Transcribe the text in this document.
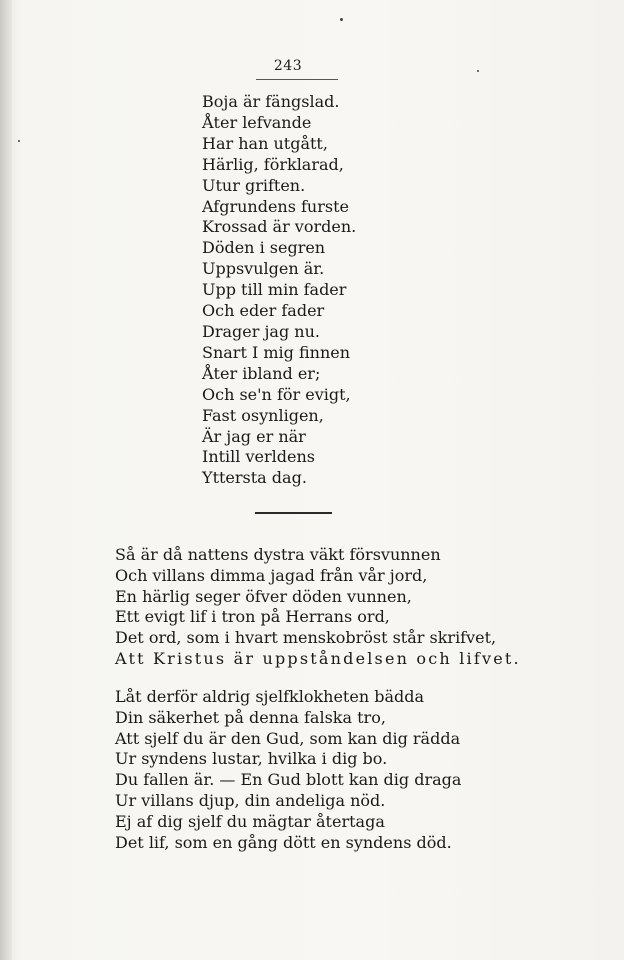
243
Boja är fängslad.
Åter lefvande
Har han utgått,
Härlig, förklarad,
Utur griften.
Afgrundens furste
Krossad är vorden.
Döden i segren
Uppsvulgen är.
Upp till min fader
Och eder fader
Drager jag nu.
Snart I mig finnen
Åter ibland er;
Och se'n för evigt,
Fast osynligen,
Är jag er när
Intill verldens
Yttersta dag.
Så är då nattens dystra väkt försvunnen
Och villans dimma jagad från vår jord,
En härlig seger öfver döden vunnen,
Ett evigt lif i tron på Herrans ord,
Det ord, som i hvart menskobröst står skrifvet,
Att Kristus är uppståndelsen och lifvet.
Låt derför aldrig sjelfklokheten bädda
Din säkerhet på denna falska tro,
Att sjelf du är den Gud, som kan dig rädda
Ur syndens lustar, hvilka i dig bo.
Du fallen är. — En Gud blott kan dig draga
Ur villans djup, din andeliga nöd.
Ej af dig sjelf du mägtar återtaga
Det lif, som en gång dött en syndens död.
